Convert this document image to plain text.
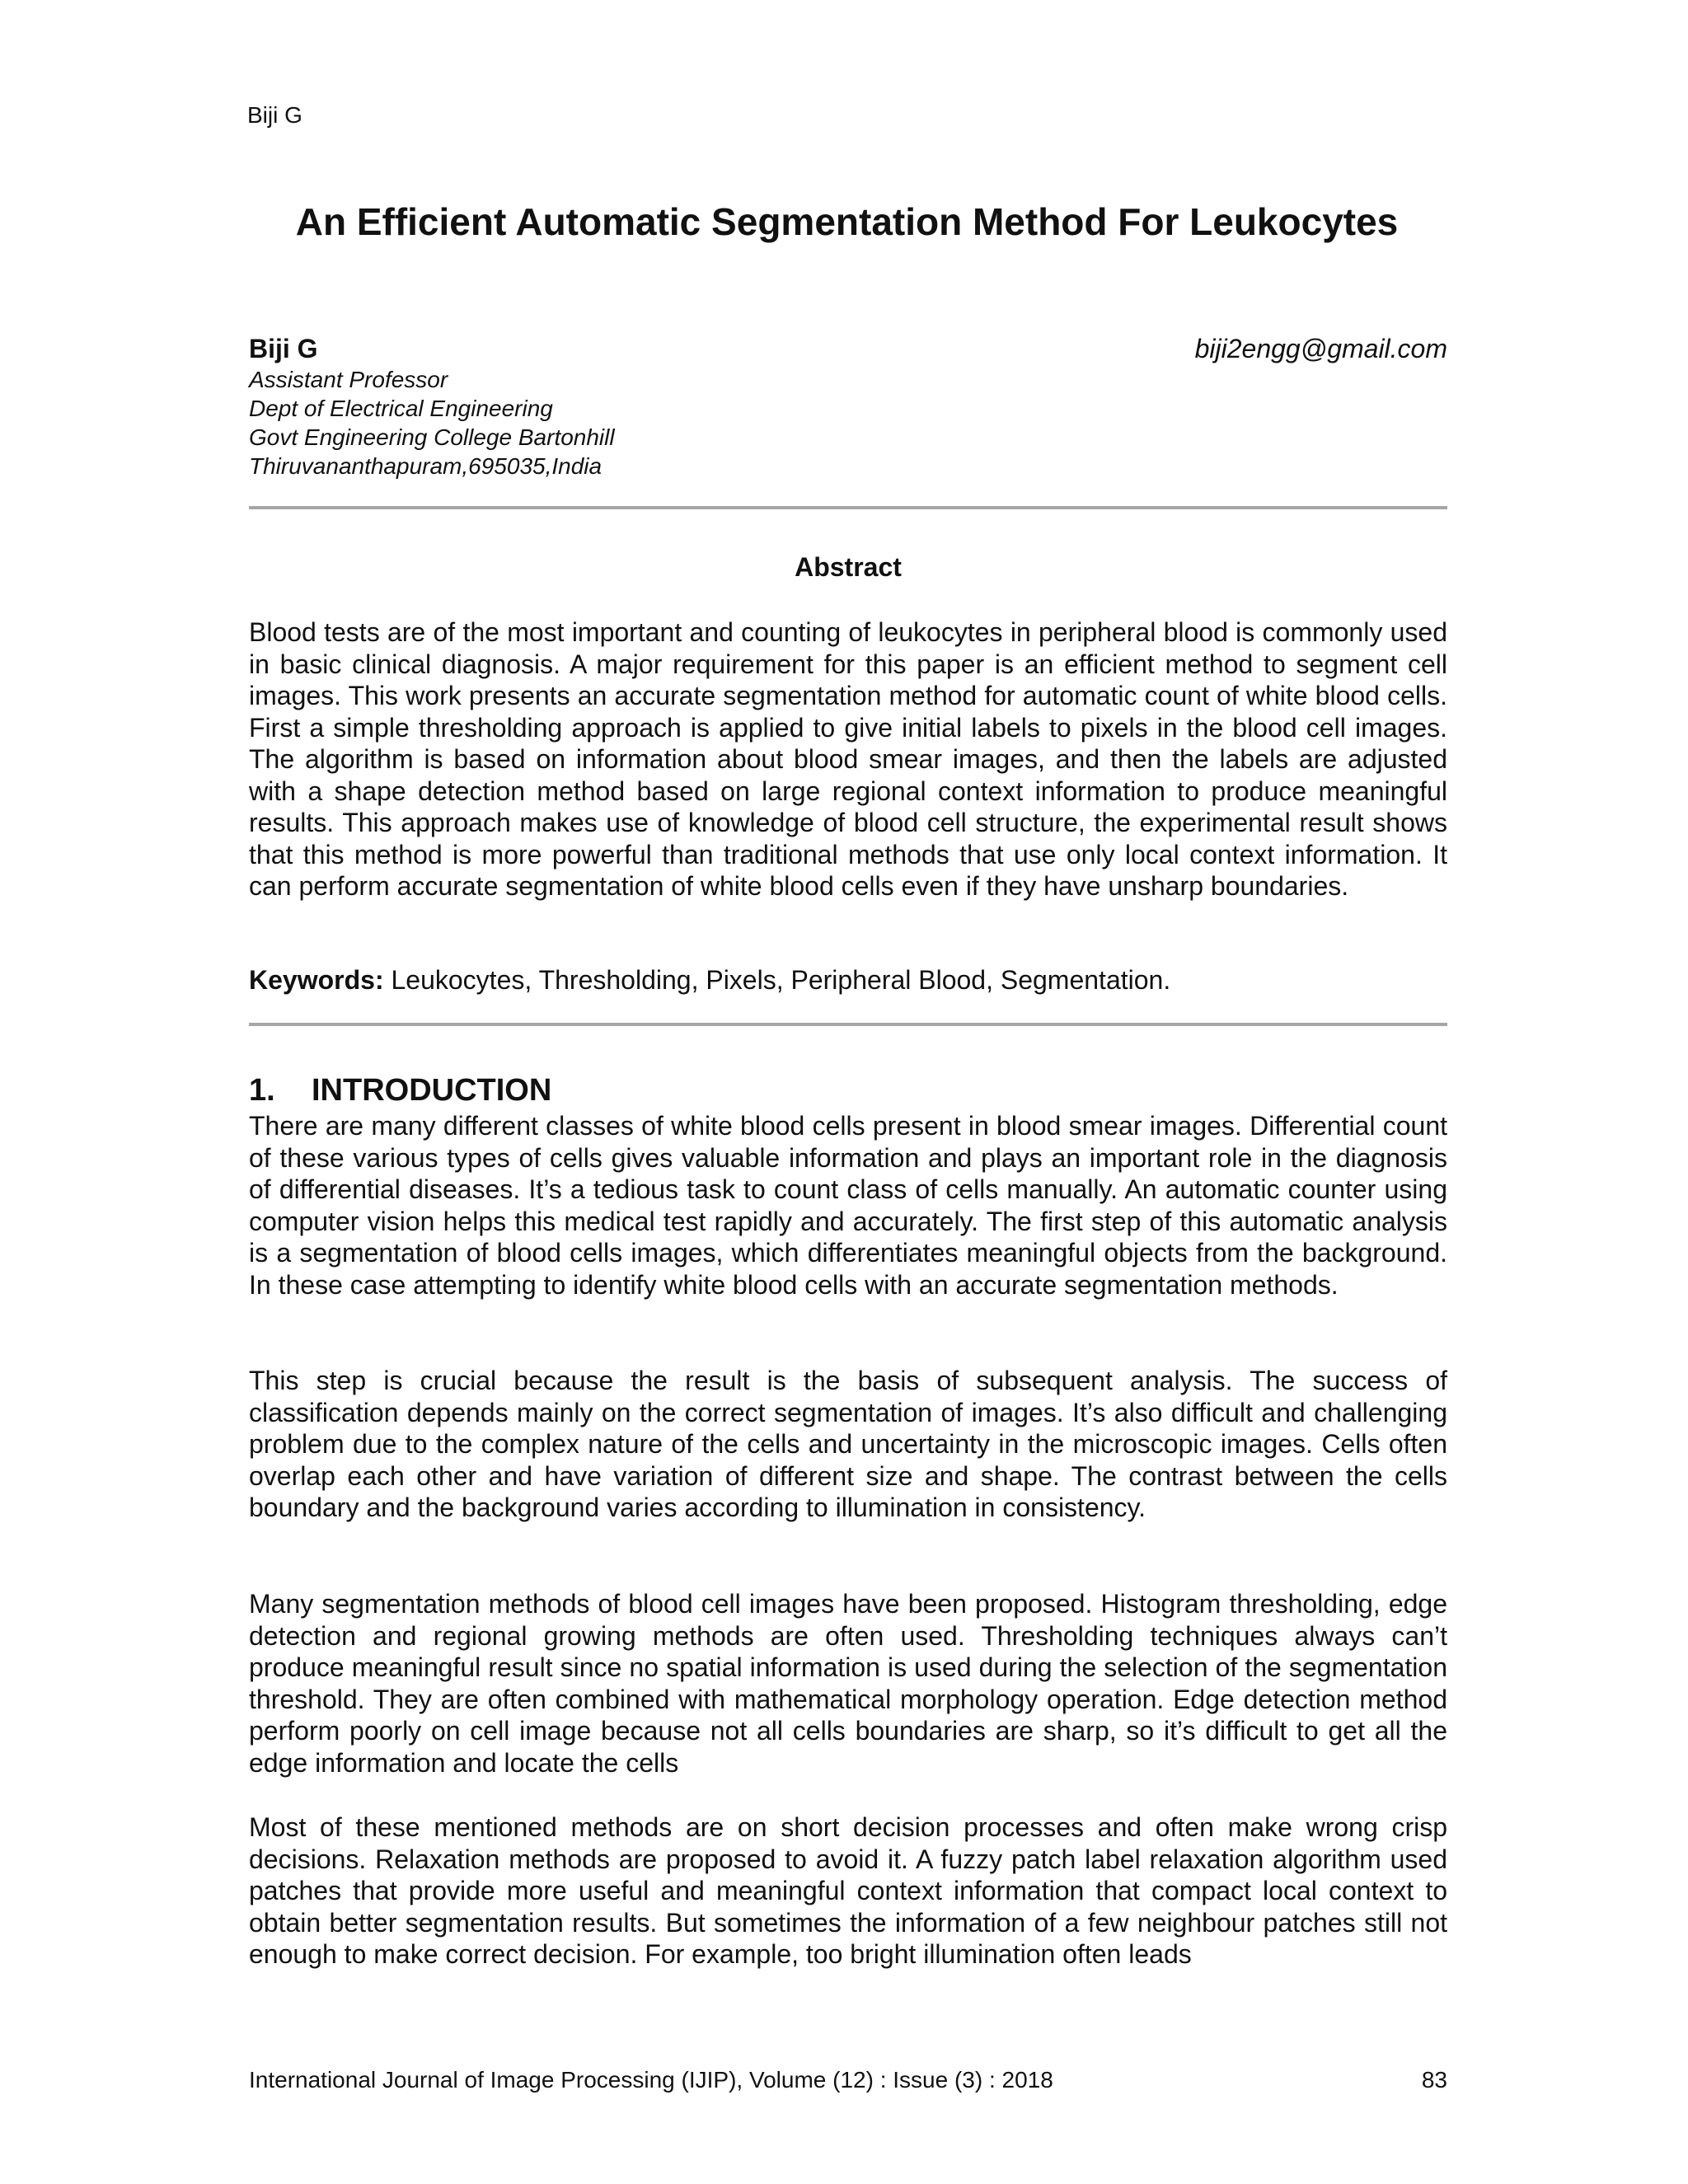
Biji G
An Efficient Automatic Segmentation Method For Leukocytes
Biji G	biji2engg@gmail.com
Assistant Professor
Dept of Electrical Engineering
Govt Engineering College Bartonhill
Thiruvananthapuram,695035,India
Abstract

Blood tests are of the most important and counting of leukocytes in peripheral blood is commonly used in basic clinical diagnosis. A major requirement for this paper is an efficient method to segment cell images. This work presents an accurate segmentation method for automatic count of white blood cells. First a simple thresholding approach is applied to give initial labels to pixels in the blood cell images. The algorithm is based on information about blood smear images, and then the labels are adjusted with a shape detection method based on large regional context information to produce meaningful results. This approach makes use of knowledge of blood cell structure, the experimental result shows that this method is more powerful than traditional methods that use only local context information. It can perform accurate segmentation of white blood cells even if they have unsharp boundaries.

Keywords: Leukocytes, Thresholding, Pixels, Peripheral Blood, Segmentation.

1. INTRODUCTION

There are many different classes of white blood cells present in blood smear images. Differential count of these various types of cells gives valuable information and plays an important role in the diagnosis of differential diseases. It’s a tedious task to count class of cells manually. An automatic counter using computer vision helps this medical test rapidly and accurately. The first step of this automatic analysis is a segmentation of blood cells images, which differentiates meaningful objects from the background. In these case attempting to identify white blood cells with an accurate segmentation methods.

This step is crucial because the result is the basis of subsequent analysis. The success of classification depends mainly on the correct segmentation of images. It’s also difficult and challenging problem due to the complex nature of the cells and uncertainty in the microscopic images. Cells often overlap each other and have variation of different size and shape. The contrast between the cells boundary and the background varies according to illumination in consistency.

Many segmentation methods of blood cell images have been proposed. Histogram thresholding, edge detection and regional growing methods are often used. Thresholding techniques always can’t produce meaningful result since no spatial information is used during the selection of the segmentation threshold. They are often combined with mathematical morphology operation. Edge detection method perform poorly on cell image because not all cells boundaries are sharp, so it’s difficult to get all the edge information and locate the cells

Most of these mentioned methods are on short decision processes and often make wrong crisp decisions. Relaxation methods are proposed to avoid it. A fuzzy patch label relaxation algorithm used patches that provide more useful and meaningful context information that compact local context to obtain better segmentation results. But sometimes the information of a few neighbour patches still not enough to make correct decision. For example, too bright illumination often leads

International Journal of Image Processing (IJIP), Volume (12) : Issue (3) : 2018	83
